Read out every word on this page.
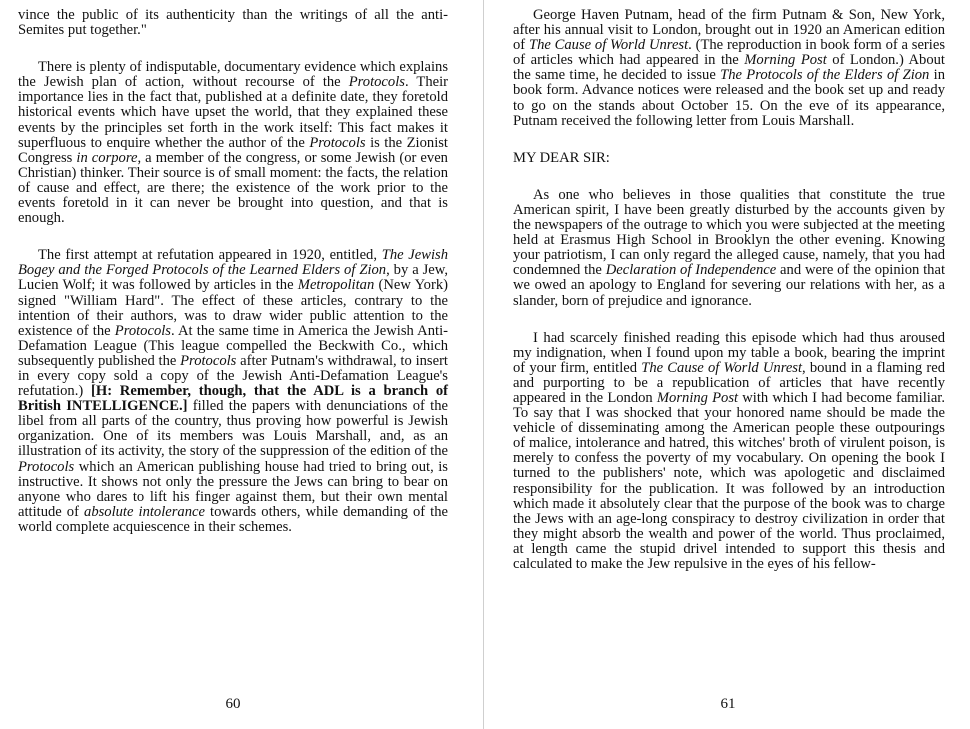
vince the public of its authenticity than the writings of all the anti-Semites put together."

There is plenty of indisputable, documentary evidence which explains the Jewish plan of action, without recourse of the Protocols. Their importance lies in the fact that, published at a definite date, they foretold historical events which have upset the world, that they explained these events by the principles set forth in the work itself: This fact makes it superfluous to enquire whether the author of the Protocols is the Zionist Congress in corpore, a member of the congress, or some Jewish (or even Christian) thinker. Their source is of small moment: the facts, the relation of cause and effect, are there; the existence of the work prior to the events foretold in it can never be brought into question, and that is enough.

The first attempt at refutation appeared in 1920, entitled, The Jewish Bogey and the Forged Protocols of the Learned Elders of Zion, by a Jew, Lucien Wolf; it was followed by articles in the Metropolitan (New York) signed "William Hard". The effect of these articles, contrary to the intention of their authors, was to draw wider public attention to the existence of the Protocols. At the same time in America the Jewish Anti-Defamation League (This league compelled the Beckwith Co., which subsequently published the Protocols after Putnam's withdrawal, to insert in every copy sold a copy of the Jewish Anti-Defamation League's refutation.) [H: Remember, though, that the ADL is a branch of British INTELLIGENCE.] filled the papers with denunciations of the libel from all parts of the country, thus proving how powerful is Jewish organization. One of its members was Louis Marshall, and, as an illustration of its activity, the story of the suppression of the edition of the Protocols which an American publishing house had tried to bring out, is instructive. It shows not only the pressure the Jews can bring to bear on anyone who dares to lift his finger against them, but their own mental attitude of absolute intolerance towards others, while demanding of the world complete acquiescence in their schemes.

60

George Haven Putnam, head of the firm Putnam & Son, New York, after his annual visit to London, brought out in 1920 an American edition of The Cause of World Unrest. (The reproduction in book form of a series of articles which had appeared in the Morning Post of London.) About the same time, he decided to issue The Protocols of the Elders of Zion in book form. Advance notices were released and the book set up and ready to go on the stands about October 15. On the eve of its appearance, Putnam received the following letter from Louis Marshall.

MY DEAR SIR:

As one who believes in those qualities that constitute the true American spirit, I have been greatly disturbed by the accounts given by the newspapers of the outrage to which you were subjected at the meeting held at Erasmus High School in Brooklyn the other evening. Knowing your patriotism, I can only regard the alleged cause, namely, that you had condemned the Declaration of Independence and were of the opinion that we owed an apology to England for severing our relations with her, as a slander, born of prejudice and ignorance.

I had scarcely finished reading this episode which had thus aroused my indignation, when I found upon my table a book, bearing the imprint of your firm, entitled The Cause of World Unrest, bound in a flaming red and purporting to be a republication of articles that have recently appeared in the London Morning Post with which I had become familiar. To say that I was shocked that your honored name should be made the vehicle of disseminating among the American people these outpourings of malice, intolerance and hatred, this witches' broth of virulent poison, is merely to confess the poverty of my vocabulary. On opening the book I turned to the publishers' note, which was apologetic and disclaimed responsibility for the publication. It was followed by an introduction which made it absolutely clear that the purpose of the book was to charge the Jews with an age-long conspiracy to destroy civilization in order that they might absorb the wealth and power of the world. Thus proclaimed, at length came the stupid drivel intended to support this thesis and calculated to make the Jew repulsive in the eyes of his fellow-

61
